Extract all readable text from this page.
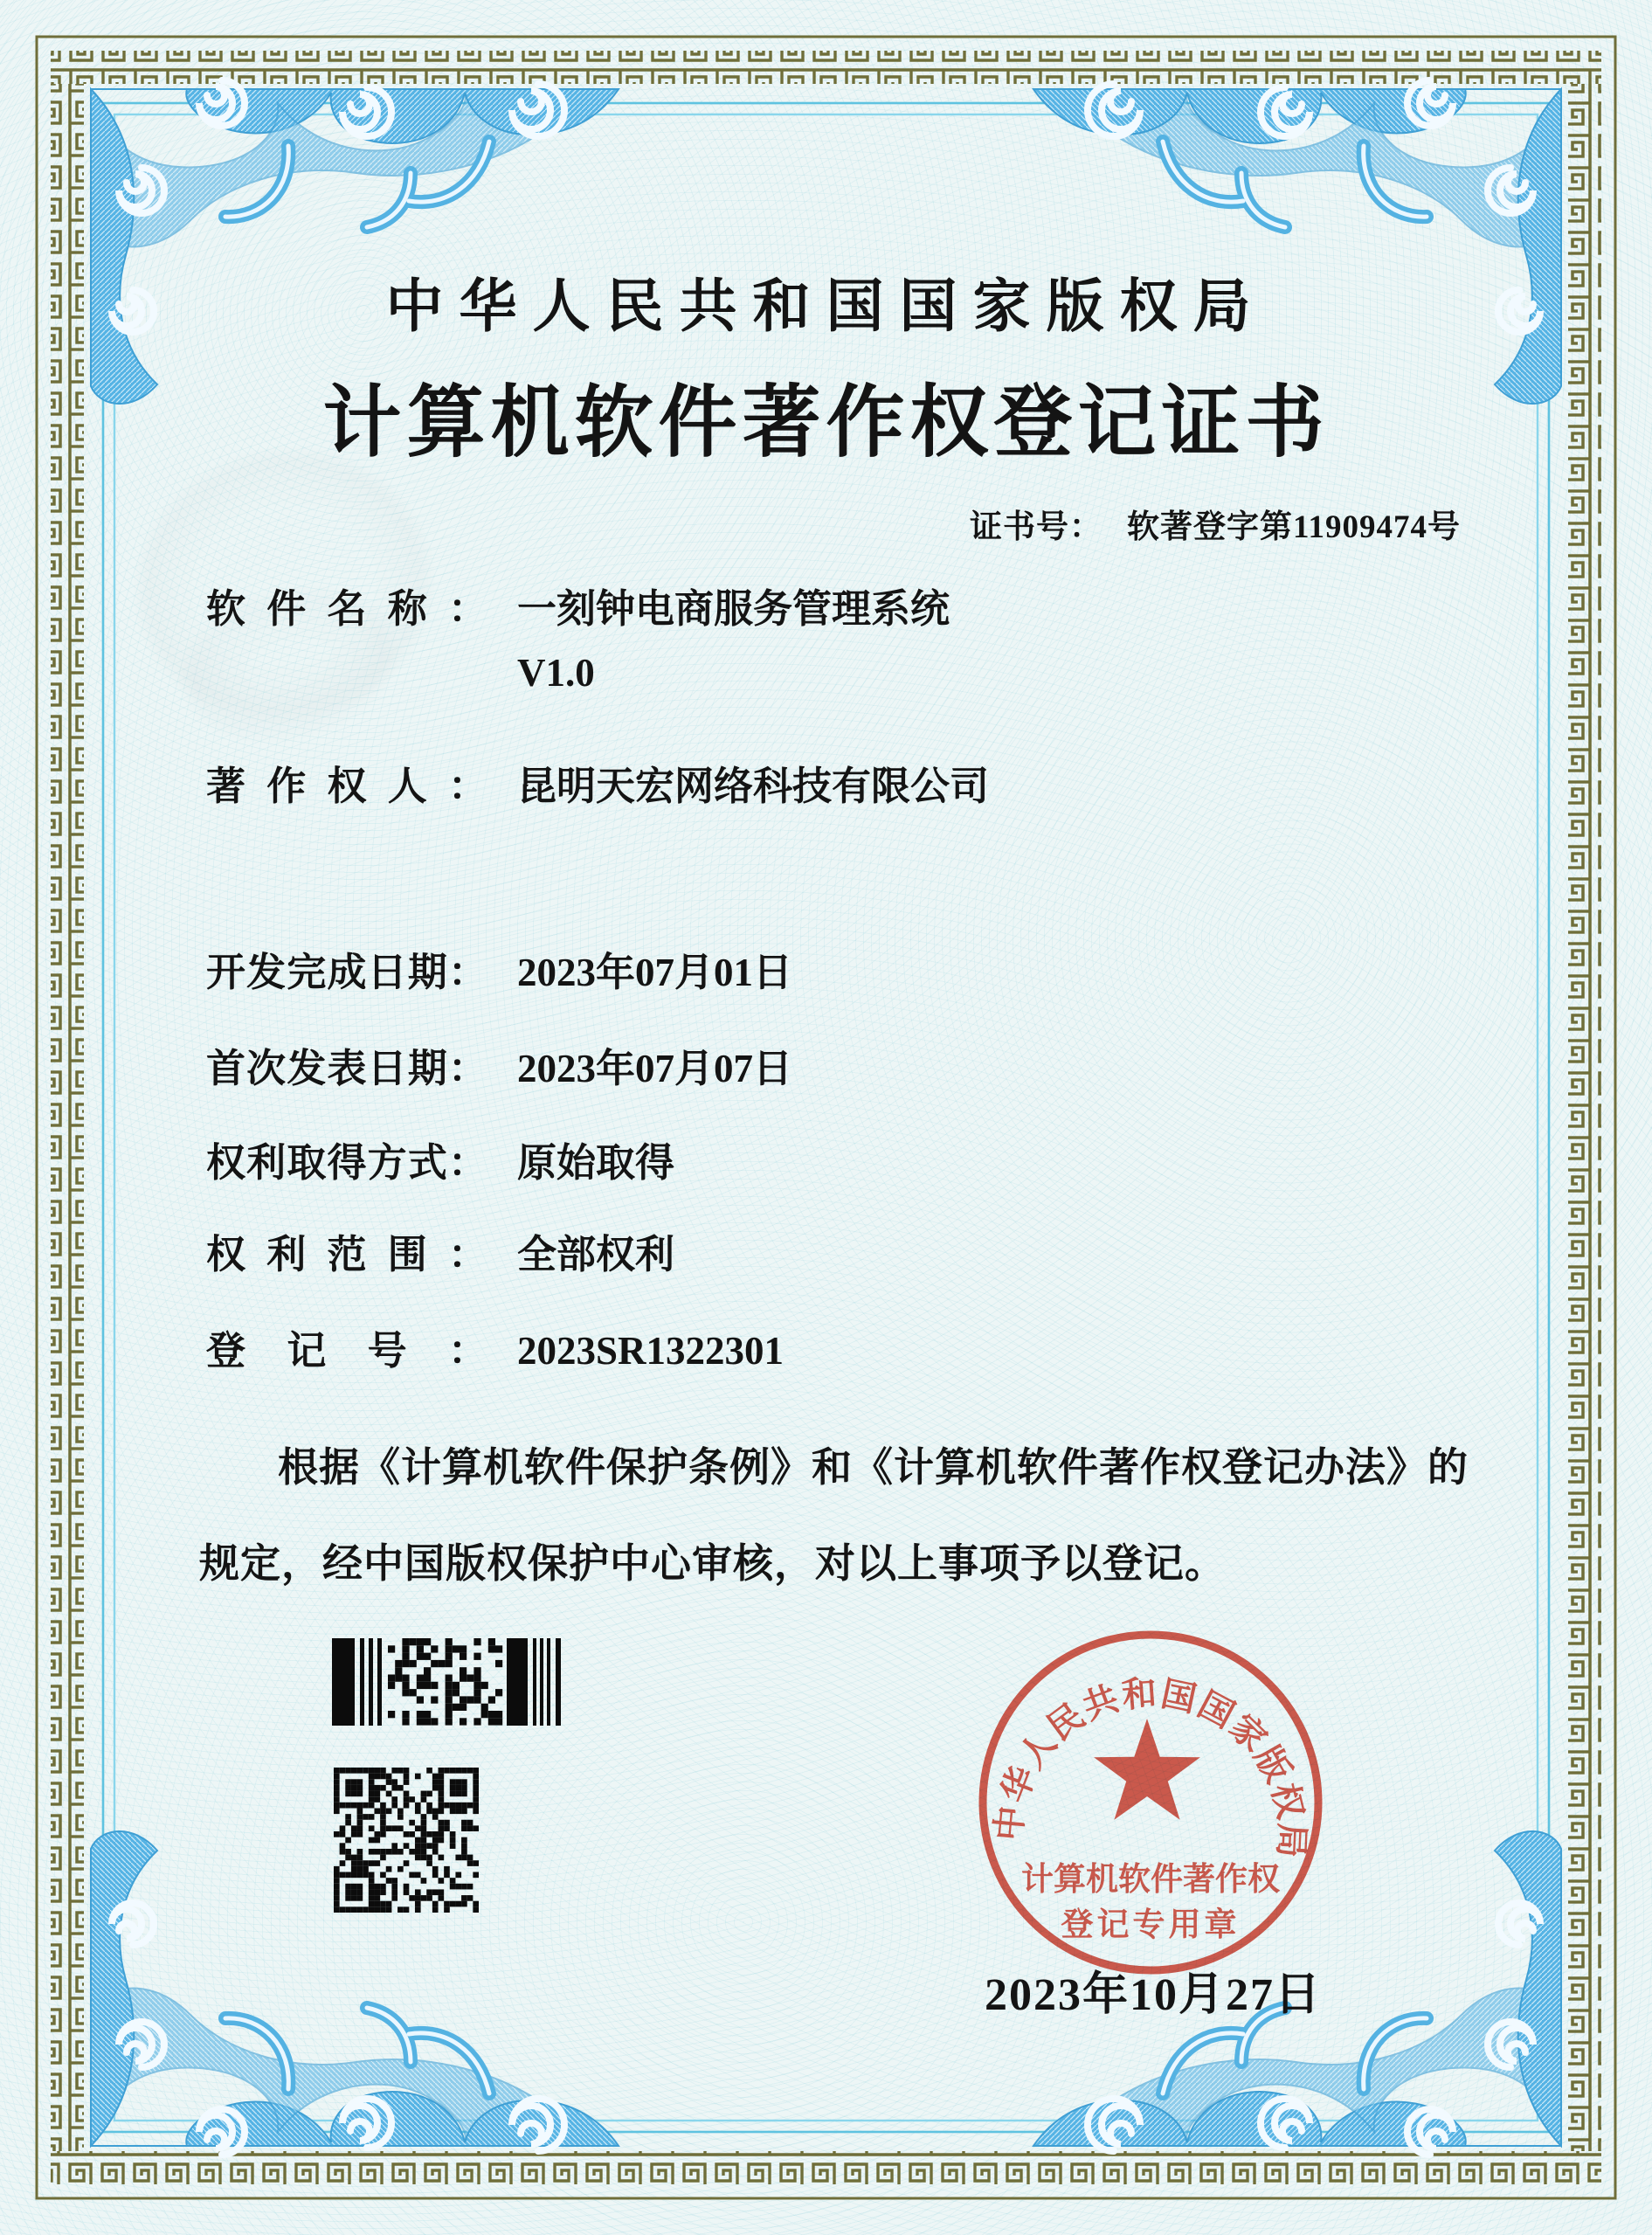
中华人民共和国国家版权局
计算机软件著作权登记证书
证书号： 软著登字第11909474号
软件名称： 一刻钟电商服务管理系统
V1.0
著作权人： 昆明天宏网络科技有限公司
开发完成日期： 2023年07月01日
首次发表日期： 2023年07月07日
权利取得方式： 原始取得
权利范围： 全部权利
登记号： 2023SR1322301
根据《计算机软件保护条例》和《计算机软件著作权登记办法》的
规定，经中国版权保护中心审核，对以上事项予以登记。
中华人民共和国国家版权局
计算机软件著作权
登记专用章
2023年10月27日
